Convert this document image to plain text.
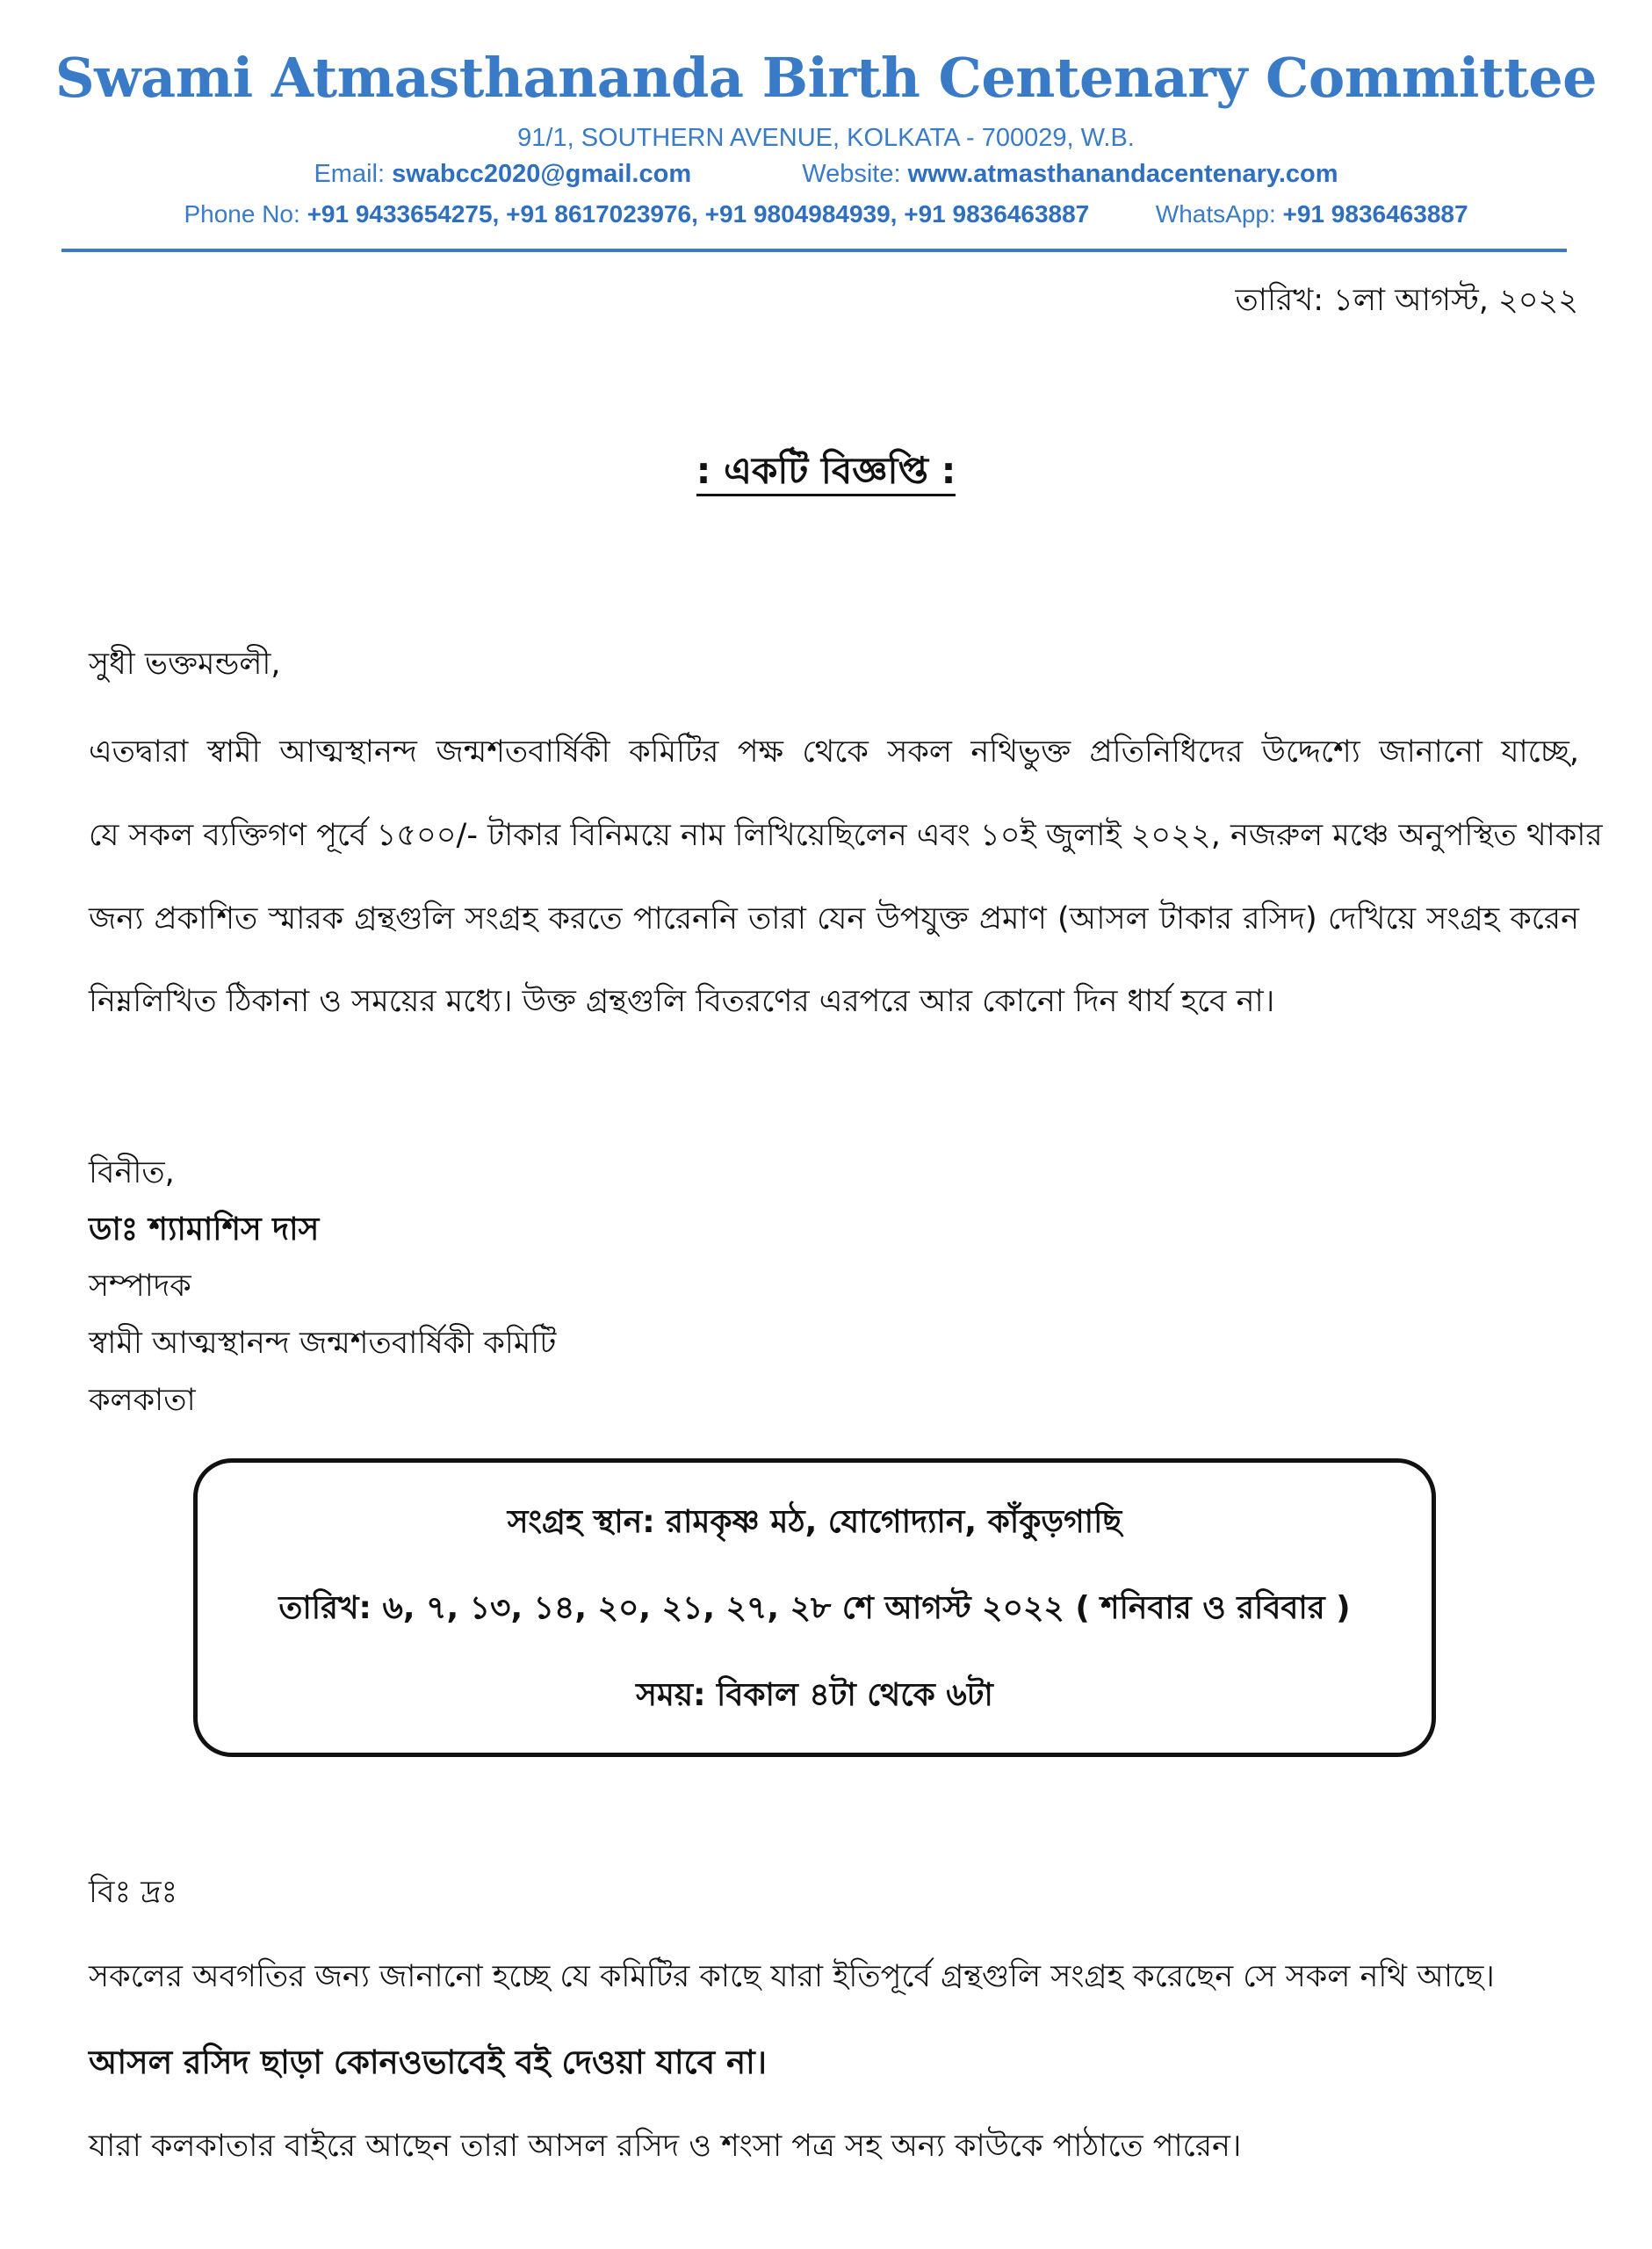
Swami Atmasthananda Birth Centenary Committee
91/1, SOUTHERN AVENUE, KOLKATA - 700029, W.B.
Email: swabcc2020@gmail.com	Website: www.atmasthanandacentenary.com
Phone No: +91 9433654275, +91 8617023976, +91 9804984939, +91 9836463887	WhatsApp: +91 9836463887
তারিখ: ১লা আগস্ট, ২০২২
: একটি বিজ্ঞপ্তি :
সুধী ভক্তমন্ডলী,
এতদ্বারা স্বামী আত্মস্থানন্দ জন্মশতবার্ষিকী কমিটির পক্ষ থেকে সকল নথিভুক্ত প্রতিনিধিদের উদ্দেশ্যে জানানো যাচ্ছে,
যে সকল ব্যক্তিগণ পূর্বে ১৫০০/- টাকার বিনিময়ে নাম লিখিয়েছিলেন এবং ১০ই জুলাই ২০২২, নজরুল মঞ্চে অনুপস্থিত থাকার
জন্য প্রকাশিত স্মারক গ্রন্থগুলি সংগ্রহ করতে পারেননি তারা যেন উপযুক্ত প্রমাণ (আসল টাকার রসিদ) দেখিয়ে সংগ্রহ করেন
নিম্নলিখিত ঠিকানা ও সময়ের মধ্যে। উক্ত গ্রন্থগুলি বিতরণের এরপরে আর কোনো দিন ধার্য হবে না।
বিনীত,
ডাঃ শ্যামাশিস দাস
সম্পাদক
স্বামী আত্মস্থানন্দ জন্মশতবার্ষিকী কমিটি
কলকাতা
সংগ্রহ স্থান: রামকৃষ্ণ মঠ, যোগোদ্যান, কাঁকুড়গাছি
তারিখ: ৬, ৭, ১৩, ১৪, ২০, ২১, ২৭, ২৮ শে আগস্ট ২০২২ ( শনিবার ও রবিবার )
সময়: বিকাল ৪টা থেকে ৬টা
বিঃ দ্রঃ
সকলের অবগতির জন্য জানানো হচ্ছে যে কমিটির কাছে যারা ইতিপূর্বে গ্রন্থগুলি সংগ্রহ করেছেন সে সকল নথি আছে।
আসল রসিদ ছাড়া কোনওভাবেই বই দেওয়া যাবে না।
যারা কলকাতার বাইরে আছেন তারা আসল রসিদ ও শংসা পত্র সহ অন্য কাউকে পাঠাতে পারেন।
